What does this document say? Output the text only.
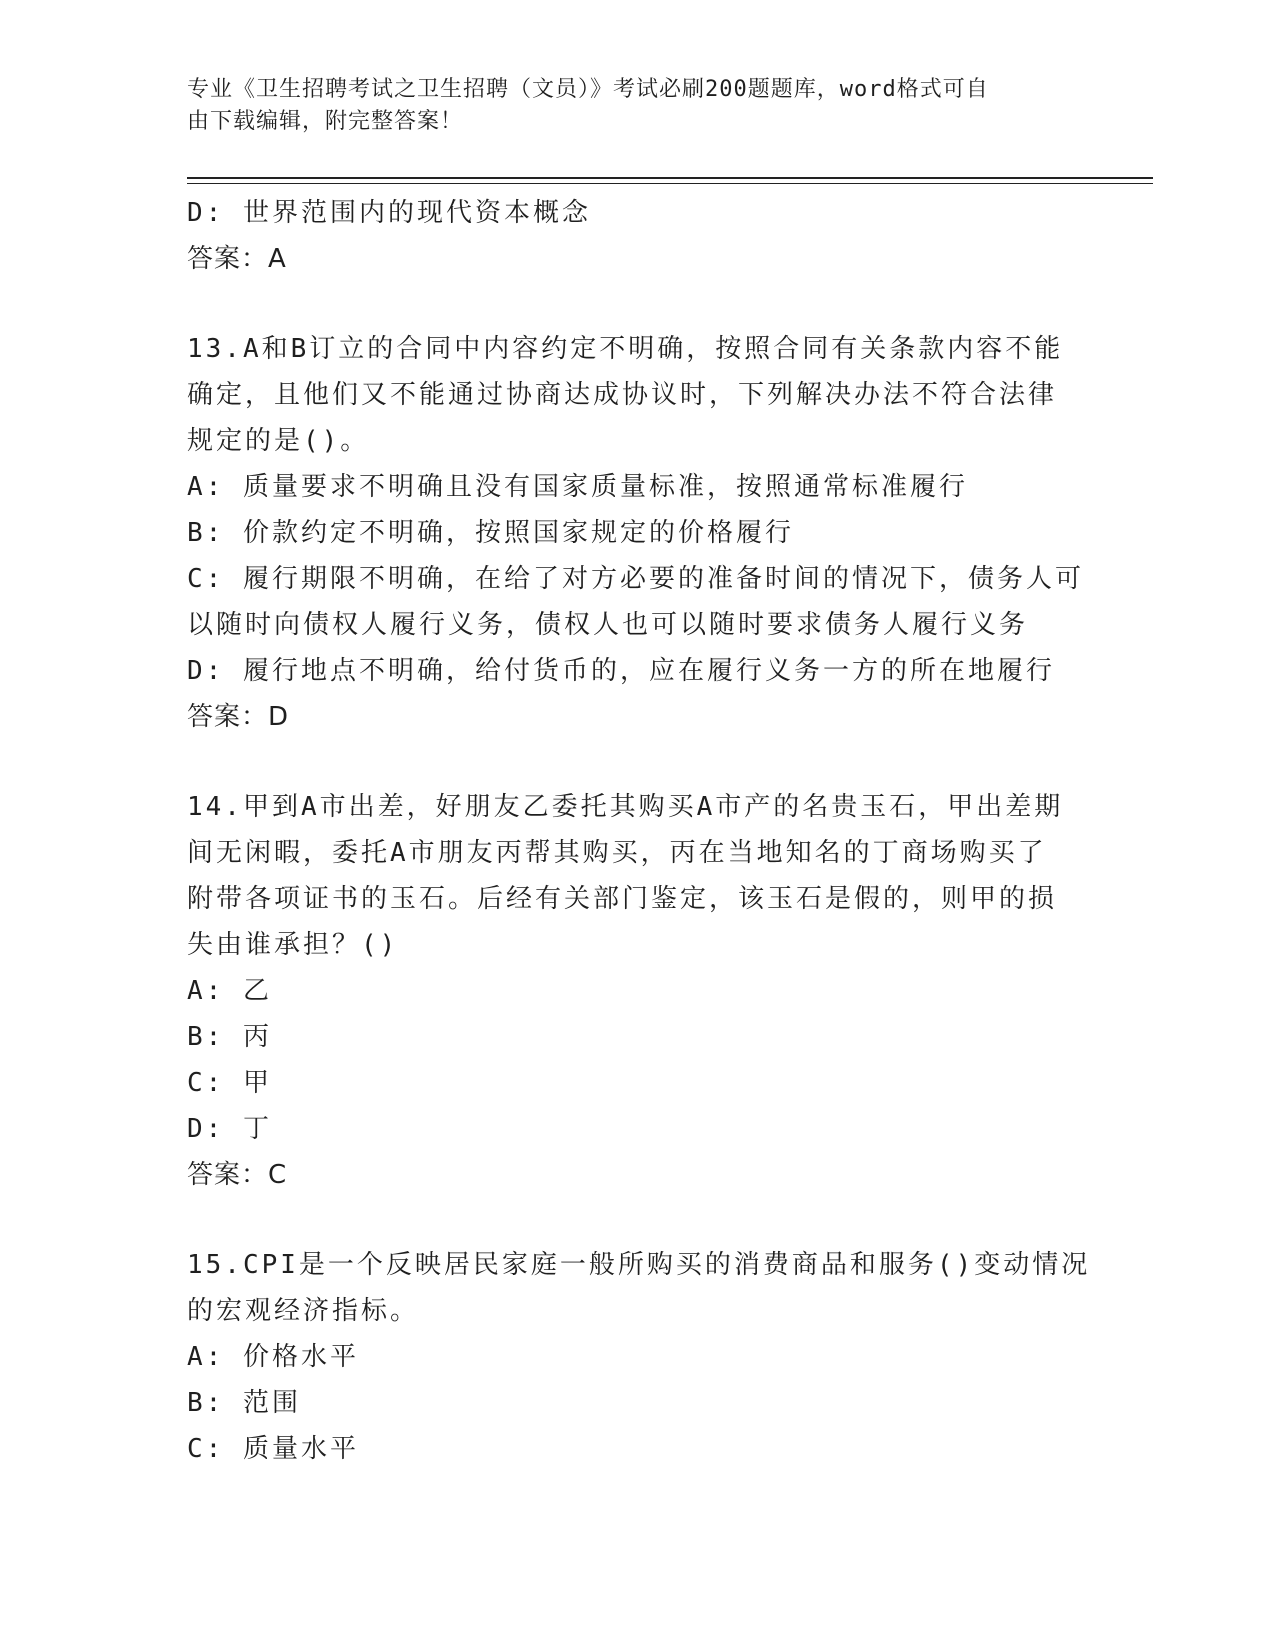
专业《卫生招聘考试之卫生招聘（文员）》考试必刷200题题库，word格式可自
由下载编辑，附完整答案！
D: 世界范围内的现代资本概念
答案：A
13.A和B订立的合同中内容约定不明确，按照合同有关条款内容不能
确定，且他们又不能通过协商达成协议时，下列解决办法不符合法律
规定的是()。
A: 质量要求不明确且没有国家质量标准，按照通常标准履行
B: 价款约定不明确，按照国家规定的价格履行
C: 履行期限不明确，在给了对方必要的准备时间的情况下，债务人可
以随时向债权人履行义务，债权人也可以随时要求债务人履行义务
D: 履行地点不明确，给付货币的，应在履行义务一方的所在地履行
答案：D
14.甲到A市出差，好朋友乙委托其购买A市产的名贵玉石，甲出差期
间无闲暇，委托A市朋友丙帮其购买，丙在当地知名的丁商场购买了
附带各项证书的玉石。后经有关部门鉴定，该玉石是假的，则甲的损
失由谁承担？()
A: 乙
B: 丙
C: 甲
D: 丁
答案：C
15.CPI是一个反映居民家庭一般所购买的消费商品和服务()变动情况
的宏观经济指标。
A: 价格水平
B: 范围
C: 质量水平
